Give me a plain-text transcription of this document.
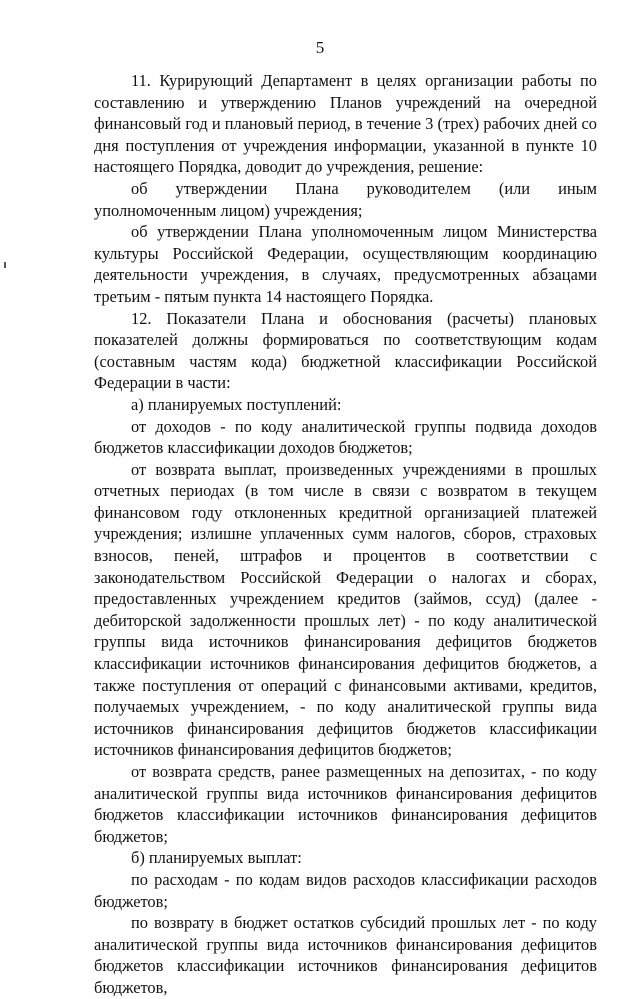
5

11. Курирующий Департамент в целях организации работы по составлению и утверждению Планов учреждений на очередной финансовый год и плановый период, в течение 3 (трех) рабочих дней со дня поступления от учреждения информации, указанной в пункте 10 настоящего Порядка, доводит до учреждения, решение:

об утверждении Плана руководителем (или иным уполномоченным лицом) учреждения;

об утверждении Плана уполномоченным лицом Министерства культуры Российской Федерации, осуществляющим координацию деятельности учреждения, в случаях, предусмотренных абзацами третьим - пятым пункта 14 настоящего Порядка.

12. Показатели Плана и обоснования (расчеты) плановых показателей должны формироваться по соответствующим кодам (составным частям кода) бюджетной классификации Российской Федерации в части:

а) планируемых поступлений:

от доходов - по коду аналитической группы подвида доходов бюджетов классификации доходов бюджетов;

от возврата выплат, произведенных учреждениями в прошлых отчетных периодах (в том числе в связи с возвратом в текущем финансовом году отклоненных кредитной организацией платежей учреждения; излишне уплаченных сумм налогов, сборов, страховых взносов, пеней, штрафов и процентов в соответствии с законодательством Российской Федерации о налогах и сборах, предоставленных учреждением кредитов (займов, ссуд) (далее - дебиторской задолженности прошлых лет) - по коду аналитической группы вида источников финансирования дефицитов бюджетов классификации источников финансирования дефицитов бюджетов, а также поступления от операций с финансовыми активами, кредитов, получаемых учреждением, - по коду аналитической группы вида источников финансирования дефицитов бюджетов классификации источников финансирования дефицитов бюджетов;

от возврата средств, ранее размещенных на депозитах, - по коду аналитической группы вида источников финансирования дефицитов бюджетов классификации источников финансирования дефицитов бюджетов;

б) планируемых выплат:

по расходам - по кодам видов расходов классификации расходов бюджетов;

по возврату в бюджет остатков субсидий прошлых лет - по коду аналитической группы вида источников финансирования дефицитов бюджетов классификации источников финансирования дефицитов бюджетов,
